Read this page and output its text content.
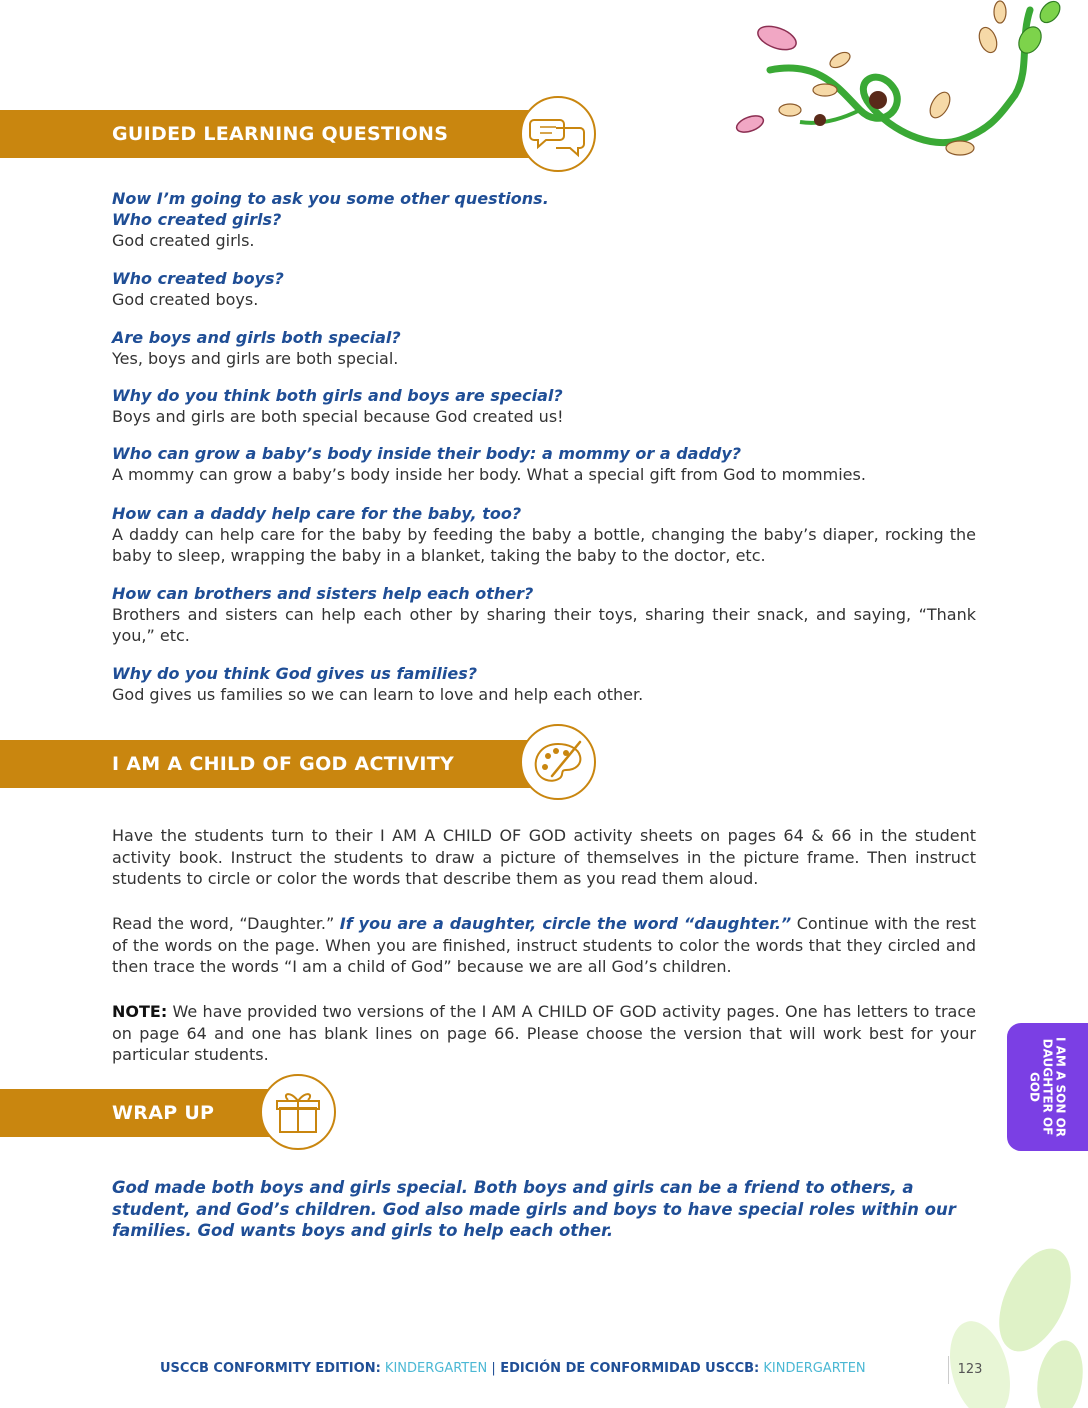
GUIDED LEARNING QUESTIONS
Now I’m going to ask you some other questions.
Who created girls?
God created girls.
Who created boys?
God created boys.
Are boys and girls both special?
Yes, boys and girls are both special.
Why do you think both girls and boys are special?
Boys and girls are both special because God created us!
Who can grow a baby’s body inside their body: a mommy or a daddy?
A mommy can grow a baby’s body inside her body. What a special gift from God to mommies.
How can a daddy help care for the baby, too?
A daddy can help care for the baby by feeding the baby a bottle, changing the baby’s diaper, rocking the baby to sleep, wrapping the baby in a blanket, taking the baby to the doctor, etc.
How can brothers and sisters help each other?
Brothers and sisters can help each other by sharing their toys, sharing their snack, and saying, “Thank you,” etc.
Why do you think God gives us families?
God gives us families so we can learn to love and help each other.
I AM A CHILD OF GOD ACTIVITY
Have the students turn to their I AM A CHILD OF GOD activity sheets on pages 64 & 66 in the student activity book. Instruct the students to draw a picture of themselves in the picture frame. Then instruct students to circle or color the words that describe them as you read them aloud.
Read the word, “Daughter.” If you are a daughter, circle the word “daughter.” Continue with the rest of the words on the page. When you are finished, instruct students to color the words that they circled and then trace the words “I am a child of God” because we are all God’s children.
NOTE: We have provided two versions of the I AM A CHILD OF GOD activity pages. One has letters to trace on page 64 and one has blank lines on page 66. Please choose the version that will work best for your particular students.
WRAP UP
God made both boys and girls special. Both boys and girls can be a friend to others, a student, and God’s children. God also made girls and boys to have special roles within our families. God wants boys and girls to help each other.
I AM A SON OR DAUGHTER OF GOD
USCCB CONFORMITY EDITION: KINDERGARTEN | EDICIÓN DE CONFORMIDAD USCCB: KINDERGARTEN	123
